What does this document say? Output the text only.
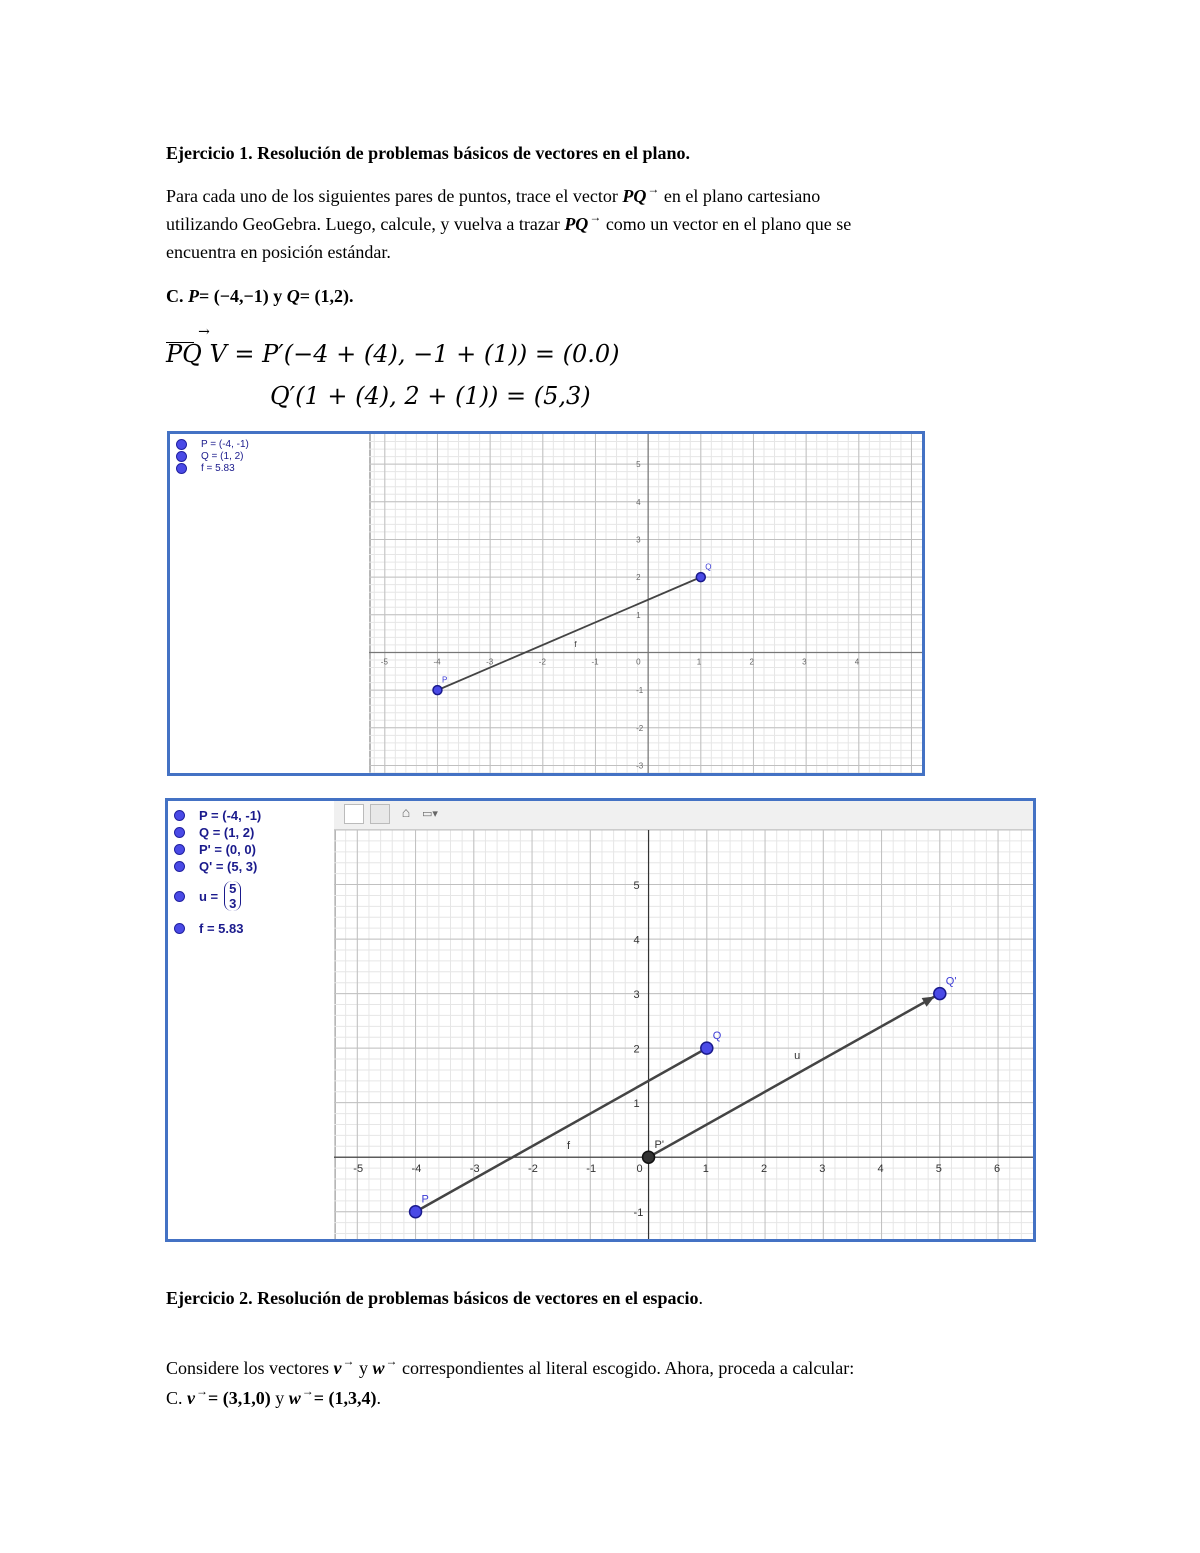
Ejercicio 1. Resolución de problemas básicos de vectores en el plano.
Para cada uno de los siguientes pares de puntos, trace el vector PQ→ en el plano cartesiano
utilizando GeoGebra. Luego, calcule, y vuelva a trazar PQ→ como un vector en el plano que se
encuentra en posición estándar.
C. P= (−4,−1) y Q= (1,2).
PQ → V = P′(−4 + (4), −1 + (1)) = (0.0)
Q′(1 + (4), 2 + (1)) = (5,3)
P = (-4, -1)
Q = (1, 2)
f = 5.83
-5	-4	-3	-2	-1	0	1	2	3	4
5
4
3
2
1
-1
-2
-3
f
P
Q
P = (-4, -1)
Q = (1, 2)
P' = (0, 0)
Q' = (5, 3)
u = 5
3
f = 5.83
⌂	▭▾
-5	-4	-3	-2	-1	0	1	2	3	4	5	6
5
4
3
2
1
-1
f
u
P
Q
P'
Q'
Ejercicio 2. Resolución de problemas básicos de vectores en el espacio.
Considere los vectores v→ y w→ correspondientes al literal escogido. Ahora, proceda a calcular:
C. v→= (3,1,0) y w→= (1,3,4).
